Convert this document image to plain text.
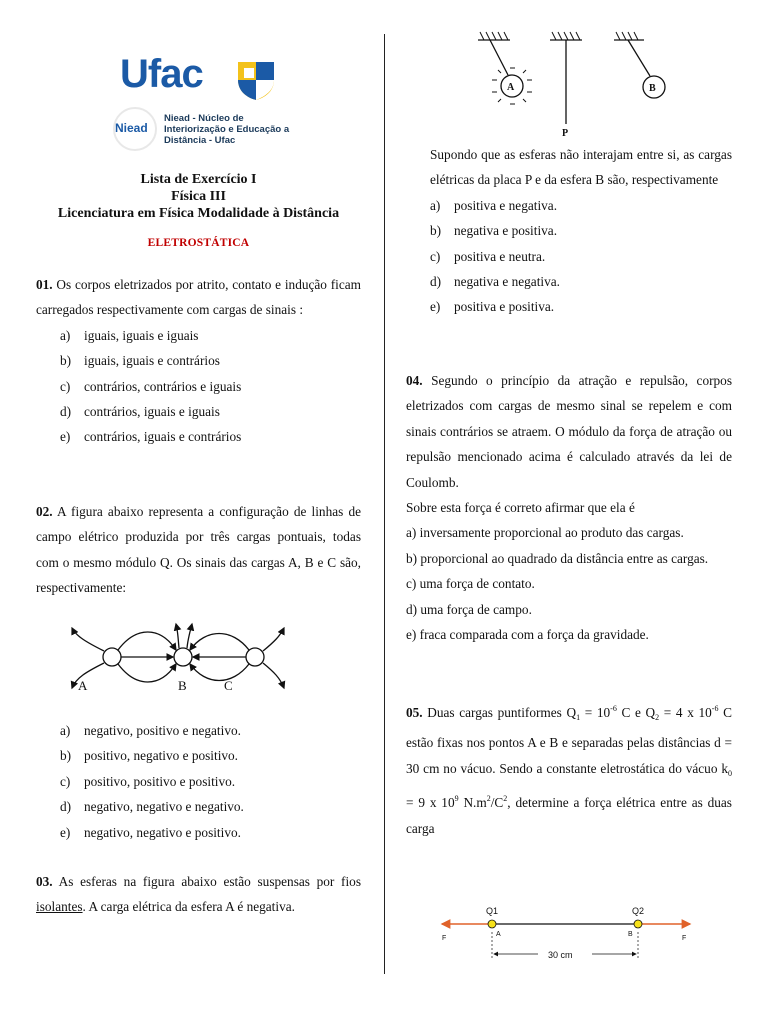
Ufac
Niead
Niead - Núcleo de
Interiorização e Educação a
Distância - Ufac
Lista de Exercício I
Física III
Licenciatura em Física Modalidade à Distância
ELETROSTÁTICA
01. Os corpos eletrizados por atrito, contato e indução ficam carregados respectivamente com cargas de sinais :
a) iguais, iguais e iguais
b) iguais, iguais e contrários
c) contrários, contrários e iguais
d) contrários, iguais e iguais
e) contrários, iguais e contrários
02. A figura abaixo representa a configuração de linhas de campo elétrico produzida por três cargas pontuais, todas com o mesmo módulo Q. Os sinais das cargas A, B e C são, respectivamente:
A	B	C
a) negativo, positivo e negativo.
b) positivo, negativo e positivo.
c) positivo, positivo e positivo.
d) negativo, negativo e negativo.
e) negativo, negativo e positivo.
03. As esferas na figura abaixo estão suspensas por fios isolantes. A carga elétrica da esfera A é negativa.
A	B
P
Supondo que as esferas não interajam entre si, as cargas elétricas da placa P e da esfera B são, respectivamente
a) positiva e negativa.
b) negativa e positiva.
c) positiva e neutra.
d) negativa e negativa.
e) positiva e positiva.
04. Segundo o princípio da atração e repulsão, corpos eletrizados com cargas de mesmo sinal se repelem e com sinais contrários se atraem. O módulo da força de atração ou repulsão mencionado acima é calculado através da lei de Coulomb.
Sobre esta força é correto afirmar que ela é
a) inversamente proporcional ao produto das cargas.
b) proporcional ao quadrado da distância entre as cargas.
c) uma força de contato.
d) uma força de campo.
e) fraca comparada com a força da gravidade.
05. Duas cargas puntiformes $Q_1 = 10^{-6}$ C e $Q_2 = 4$ x $10^{-6}$ C estão fixas nos pontos A e B e separadas pelas distâncias d = 30 cm no vácuo. Sendo a constante eletrostática do vácuo $k_0 = 9$ x $10^9$ $N.m^2/C^2$, determine a força elétrica entre as duas carga
Q1	Q2
A	B
F	F
30 cm
